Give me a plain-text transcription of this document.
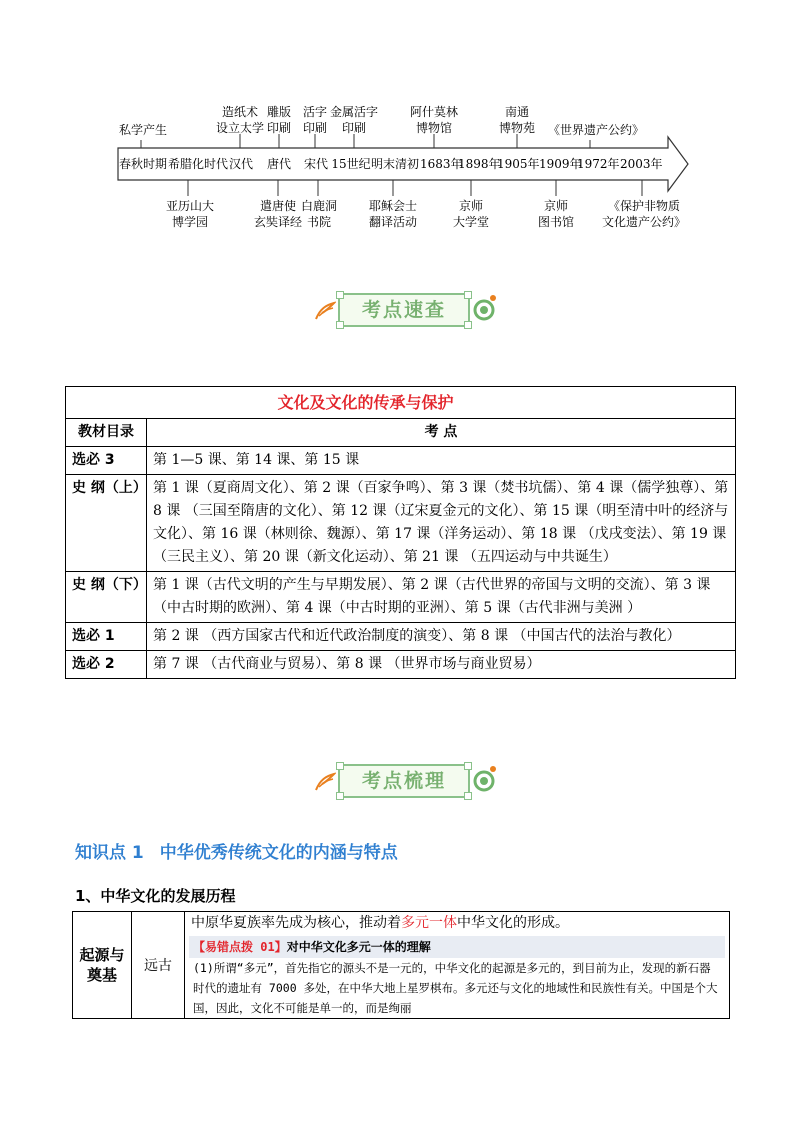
私学产生
造纸术
设立太学
雕版
印刷
活字
印刷
金属活字
印刷
阿什莫林
博物馆
南通
博物苑	《世界遗产公约》
春秋时期 希腊化时代 汉代 唐代 宋代 15世纪 明末清初 1683年
1898年
1905年 1909年
1972年 2003年
亚历山大
博学园
遣唐使
玄奘译经
白鹿洞
书院
耶稣会士
翻译活动
京师
大学堂
京师
图书馆
《保护非物质
文化遗产公约》
考点速查
文化及文化的传承与保护	
教材目录	考 点
选必 3	第 1—5 课、第 14 课、第 15 课
史 纲（上）	第 1 课（夏商周文化）、第 2 课（百家争鸣）、第 3 课（焚书坑儒）、第 4 课（儒学独尊）、第 8 课 （三国至隋唐的文化）、第 12 课（辽宋夏金元的文化）、第 15 课（明至清中叶的经济与文化）、第 16 课（林则徐、魏源）、第 17 课（洋务运动）、第 18 课 （戊戌变法）、第 19 课（三民主义）、第 20 课（新文化运动）、第 21 课 （五四运动与中共诞生）
史 纲（下）	第 1 课（古代文明的产生与早期发展）、第 2 课（古代世界的帝国与文明的交流）、第 3 课（中古时期的欧洲）、第 4 课（中古时期的亚洲）、第 5 课（古代非洲与美洲 ）
选必 1	第 2 课 （西方国家古代和近代政治制度的演变）、第 8 课 （中国古代的法治与教化）
选必 2	第 7 课 （古代商业与贸易）、第 8 课 （世界市场与商业贸易）
考点梳理
知识点 1 中华优秀传统文化的内涵与特点
1、中华文化的发展历程
起源与奠基	远古	
中原华夏族率先成为核心，推动着多元一体中华文化的形成。
【易错点拨 01】对中华文化多元一体的理解
(1)所谓“多元”，首先指它的源头不是一元的，中华文化的起源是多元的，到目前为止，发现的新石器时代的遗址有 7000 多处，在中华大地上星罗棋布。多元还与文化的地域性和民族性有关。中国是个大国，因此，文化不可能是单一的，而是绚丽
